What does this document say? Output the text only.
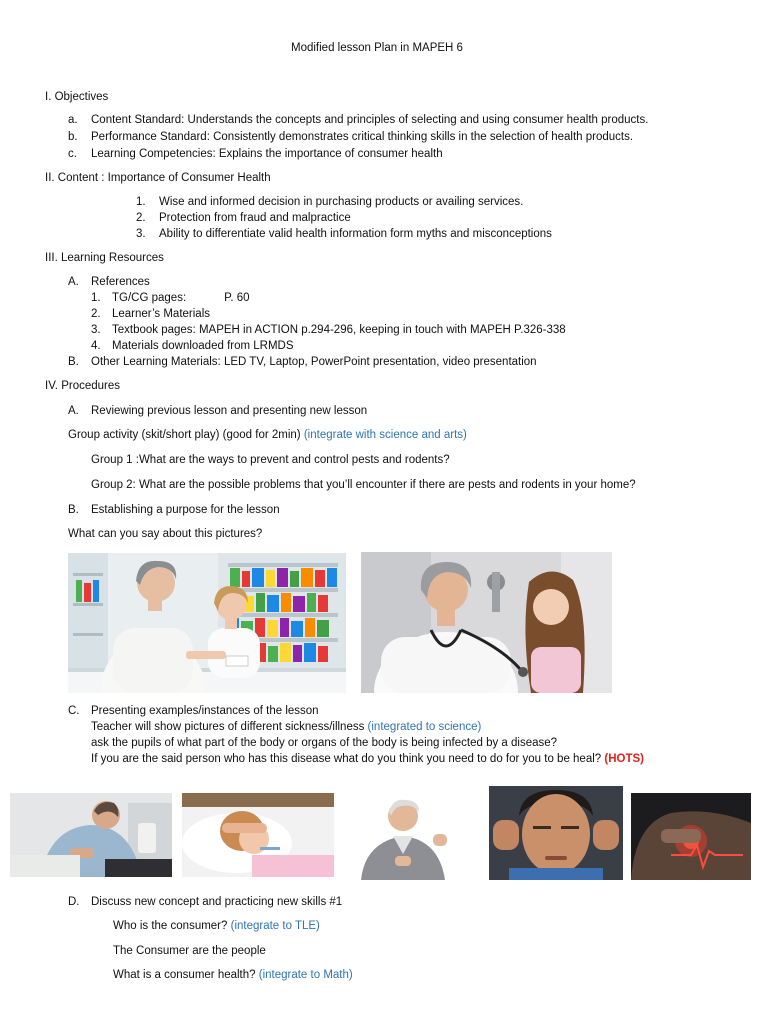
Modified lesson Plan in MAPEH 6
I. Objectives
a. Content Standard: Understands the concepts and principles of selecting and using consumer health products.
b. Performance Standard: Consistently demonstrates critical thinking skills in the selection of health products.
c. Learning Competencies: Explains the importance of consumer health
II. Content : Importance of Consumer Health
1. Wise and informed decision in purchasing products or availing services.
2. Protection from fraud and malpractice
3. Ability to differentiate valid health information form myths and misconceptions
III. Learning Resources
A. References
1. TG/CG pages:	P. 60
2. Learner’s Materials
3. Textbook pages: MAPEH in ACTION p.294-296, keeping in touch with MAPEH P.326-338
4. Materials downloaded from LRMDS
B. Other Learning Materials: LED TV, Laptop, PowerPoint presentation, video presentation
IV. Procedures
A. Reviewing previous lesson and presenting new lesson
Group activity (skit/short play) (good for 2min) (integrate with science and arts)
Group 1 :What are the ways to prevent and control pests and rodents?
Group 2: What are the possible problems that you’ll encounter if there are pests and rodents in your home?
B. Establishing a purpose for the lesson
What can you say about this pictures?
C. Presenting examples/instances of the lesson
Teacher will show pictures of different sickness/illness (integrated to science)
ask the pupils of what part of the body or organs of the body is being infected by a disease?
If you are the said person who has this disease what do you think you need to do for you to be heal? (HOTS)
D. Discuss new concept and practicing new skills #1
Who is the consumer? (integrate to TLE)
The Consumer are the people
What is a consumer health? (integrate to Math)
